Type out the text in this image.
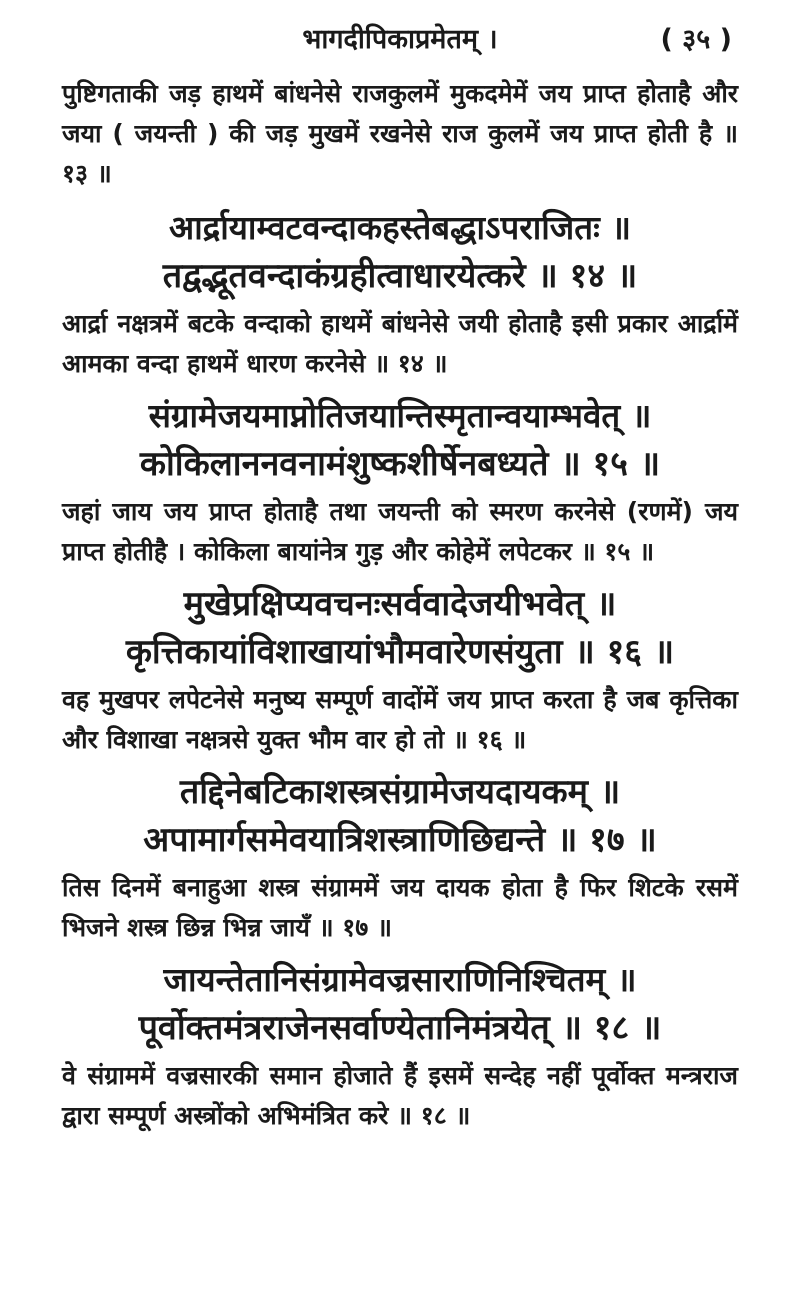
भागदीपिकाप्रमेतम् ।	( ३५ )

पुष्टिगताकी जड़ हाथमें बांधनेसे राजकुलमें मुकदमेमें जय प्राप्त होताहै और जया ( जयन्ती ) की जड़ मुखमें रखनेसे राज कुलमें जय प्राप्त होती है ॥ १३ ॥

आर्द्रायाम्वटवन्दाकहस्तेबद्धाऽपराजितः ॥

तद्वद्भूतवन्दाकंग्रहीत्वाधारयेत्करे ॥ १४ ॥

आर्द्रा नक्षत्रमें बटके वन्दाको हाथमें बांधनेसे जयी होताहै इसी प्रकार आर्द्रामें आमका वन्दा हाथमें धारण करनेसे ॥ १४ ॥

संग्रामेजयमाप्नोतिजयान्तिस्मृतान्वयाम्भवेत् ॥

कोकिलाननवनामंशुष्कशीर्षेनबध्यते ॥ १५ ॥

जहां जाय जय प्राप्त होताहै तथा जयन्ती को स्मरण करनेसे (रणमें) जय प्राप्त होतीहै । कोकिला बायांनेत्र गुड़ और कोहेमें लपेटकर ॥ १५ ॥

मुखेप्रक्षिप्यवचनःसर्ववादेजयीभवेत् ॥

कृत्तिकायांविशाखायांभौमवारेणसंयुता ॥ १६ ॥

वह मुखपर लपेटनेसे मनुष्य सम्पूर्ण वादोंमें जय प्राप्त करता है जब कृत्तिका और विशाखा नक्षत्रसे युक्त भौम वार हो तो ॥ १६ ॥

तद्दिनेबटिकाशस्त्रसंग्रामेजयदायकम् ॥

अपामार्गसमेवयात्रिशस्त्राणिछिद्यन्ते ॥ १७ ॥

तिस दिनमें बनाहुआ शस्त्र संग्राममें जय दायक होता है फिर शिटके रसमें भिजने शस्त्र छिन्न भिन्न जायँ ॥ १७ ॥

जायन्तेतानिसंग्रामेवज्रसाराणिनिश्चितम् ॥

पूर्वोक्तमंत्रराजेनसर्वाण्येतानिमंत्रयेत् ॥ १८ ॥

वे संग्राममें वज्रसारकी समान होजाते हैं इसमें सन्देह नहीं पूर्वोक्त मन्त्रराज द्वारा सम्पूर्ण अस्त्रोंको अभिमंत्रित करे ॥ १८ ॥
